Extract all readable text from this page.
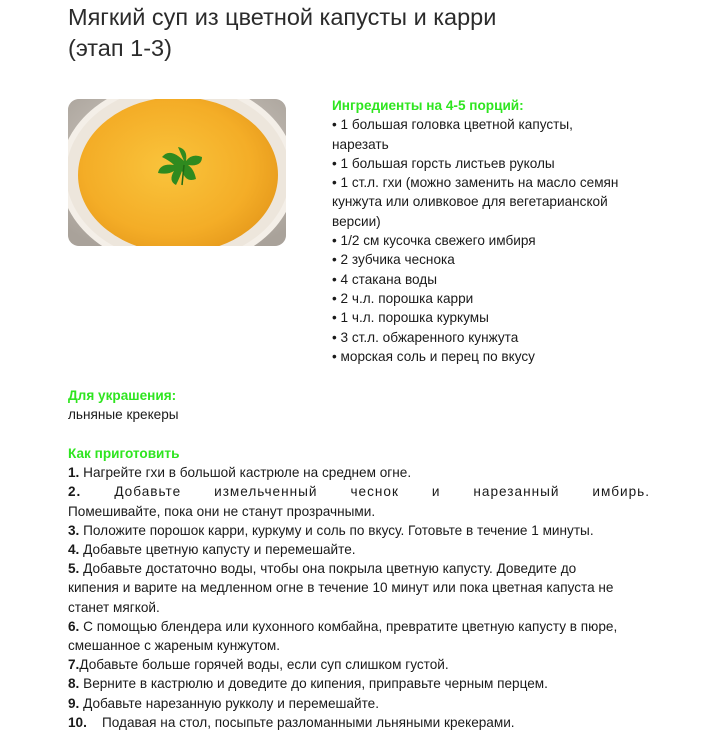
Мягкий суп из цветной капусты и карри
(этап 1-3)
Ингредиенты на 4-5 порций:
• 1 большая головка цветной капусты,
нарезать
• 1 большая горсть листьев руколы
• 1 ст.л. гхи (можно заменить на масло семян
кунжута или оливковое для вегетарианской
версии)
• 1/2 см кусочка свежего имбиря
• 2 зубчика чеснока
• 4 стакана воды
• 2 ч.л. порошка карри
• 1 ч.л. порошка куркумы
• 3 ст.л. обжаренного кунжута
• морская соль и перец по вкусу
Для украшения:
льняные крекеры
Как приготовить
1. Нагрейте гхи в большой кастрюле на среднем огне.
2. Добавьте измельченный чеснок и нарезанный имбирь.
Помешивайте, пока они не станут прозрачными.
3. Положите порошок карри, куркуму и соль по вкусу. Готовьте в течение 1 минуты.
4. Добавьте цветную капусту и перемешайте.
5. Добавьте достаточно воды, чтобы она покрыла цветную капусту. Доведите до
кипения и варите на медленном огне в течение 10 минут или пока цветная капуста не
станет мягкой.
6. С помощью блендера или кухонного комбайна, превратите цветную капусту в пюре,
смешанное с жареным кунжутом.
7.Добавьте больше горячей воды, если суп слишком густой.
8. Верните в кастрюлю и доведите до кипения, приправьте черным перцем.
9. Добавьте нарезанную рукколу и перемешайте.
10. Подавая на стол, посыпьте разломанными льняными крекерами.
